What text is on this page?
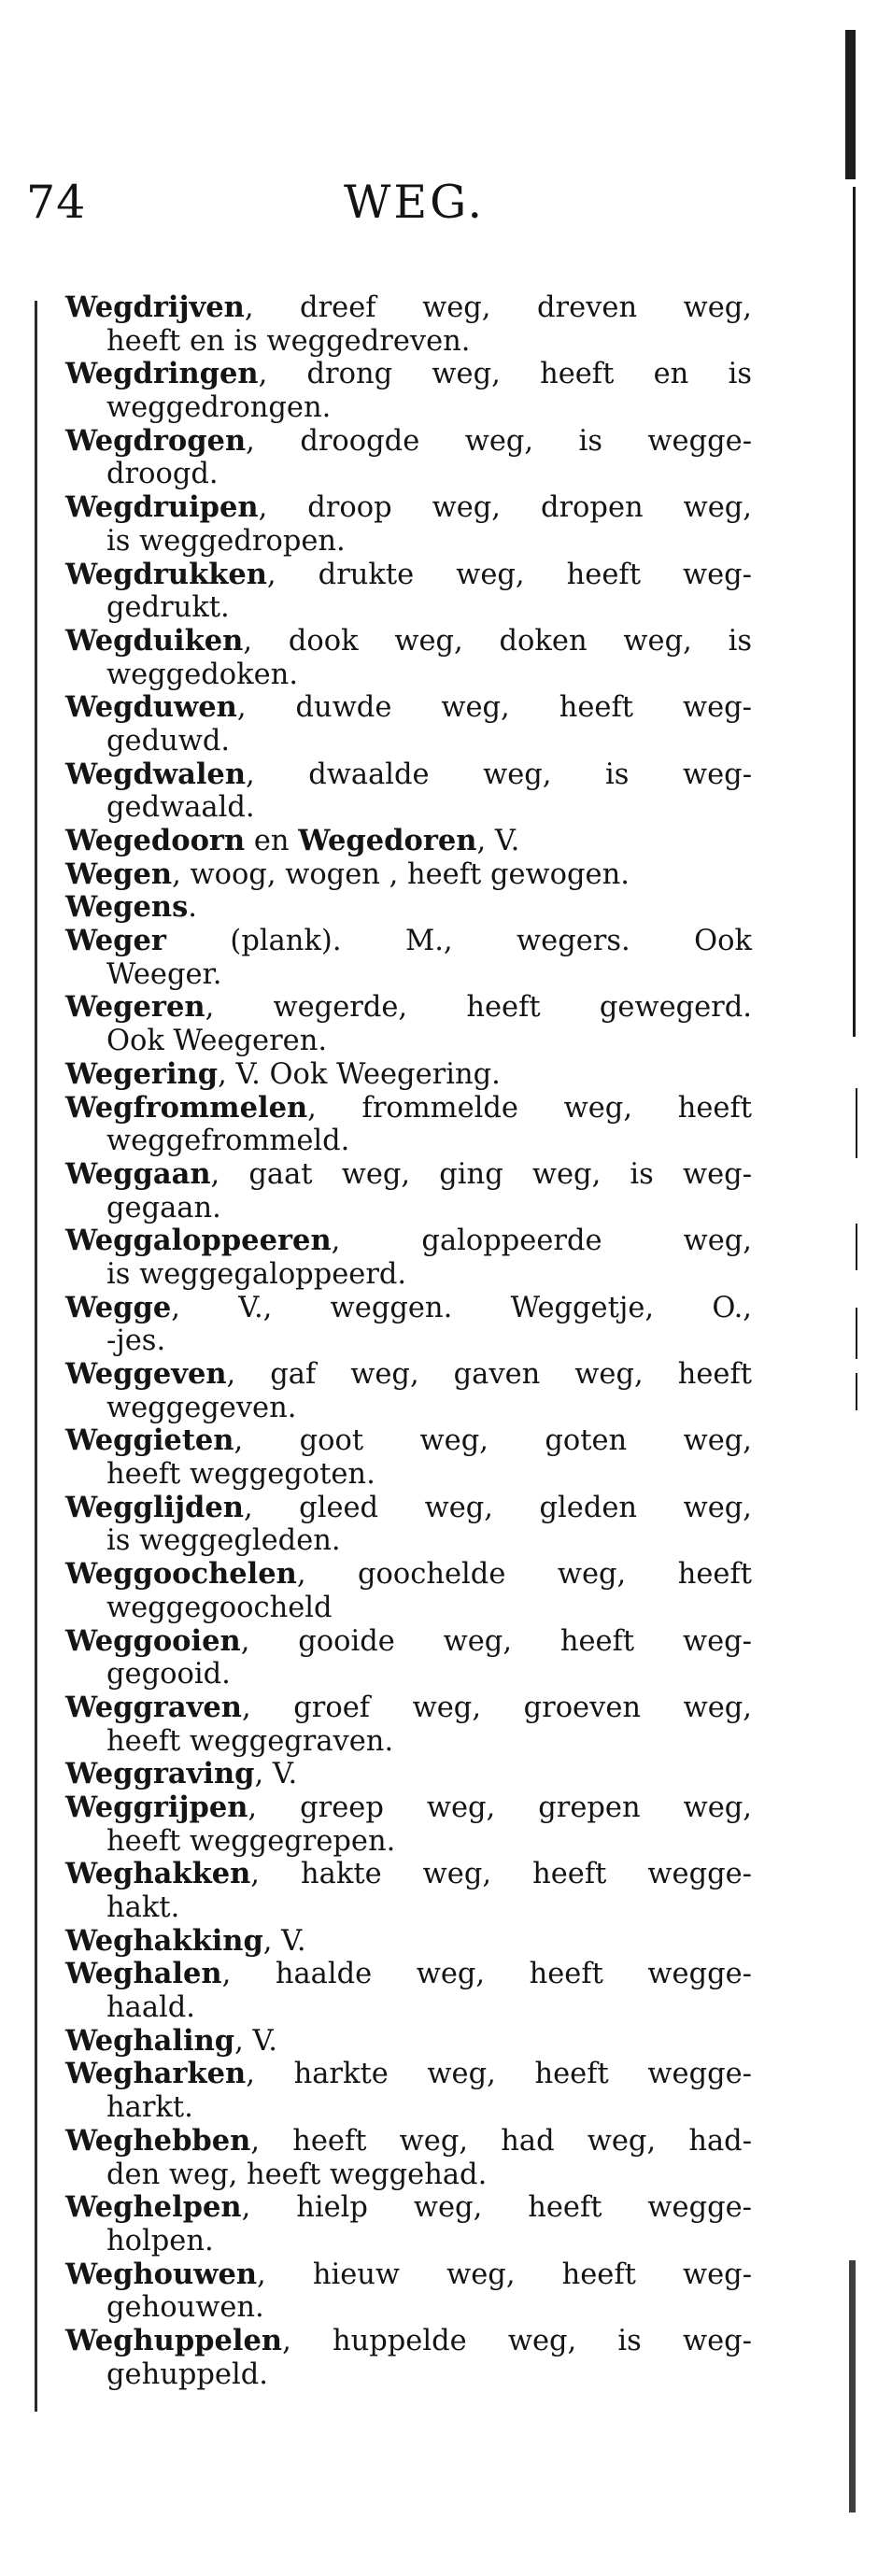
74	WEG.
Wegdrijven, dreef weg, dreven weg,
heeft en is weggedreven.
Wegdringen, drong weg, heeft en is
weggedrongen.
Wegdrogen, droogde weg, is wegge-
droogd.
Wegdruipen, droop weg, dropen weg,
is weggedropen.
Wegdrukken, drukte weg, heeft weg-
gedrukt.
Wegduiken, dook weg, doken weg, is
weggedoken.
Wegduwen, duwde weg, heeft weg-
geduwd.
Wegdwalen, dwaalde weg, is weg-
gedwaald.
Wegedoorn en Wegedoren, V.
Wegen, woog, wogen , heeft gewogen.
Wegens.
Weger (plank). M., wegers. Ook
Weeger.
Wegeren, wegerde, heeft gewegerd.
Ook Weegeren.
Wegering, V. Ook Weegering.
Wegfrommelen, frommelde weg, heeft
weggefrommeld.
Weggaan, gaat weg, ging weg, is weg-
gegaan.
Weggaloppeeren, galoppeerde weg,
is weggegaloppeerd.
Wegge, V., weggen. Weggetje, O.,
-jes.
Weggeven, gaf weg, gaven weg, heeft
weggegeven.
Weggieten, goot weg, goten weg,
heeft weggegoten.
Wegglijden, gleed weg, gleden weg,
is weggegleden.
Weggoochelen, goochelde weg, heeft
weggegoocheld
Weggooien, gooide weg, heeft weg-
gegooid.
Weggraven, groef weg, groeven weg,
heeft weggegraven.
Weggraving, V.
Weggrijpen, greep weg, grepen weg,
heeft weggegrepen.
Weghakken, hakte weg, heeft wegge-
hakt.
Weghakking, V.
Weghalen, haalde weg, heeft wegge-
haald.
Weghaling, V.
Wegharken, harkte weg, heeft wegge-
harkt.
Weghebben, heeft weg, had weg, had-
den weg, heeft weggehad.
Weghelpen, hielp weg, heeft wegge-
holpen.
Weghouwen, hieuw weg, heeft weg-
gehouwen.
Weghuppelen, huppelde weg, is weg-
gehuppeld.
